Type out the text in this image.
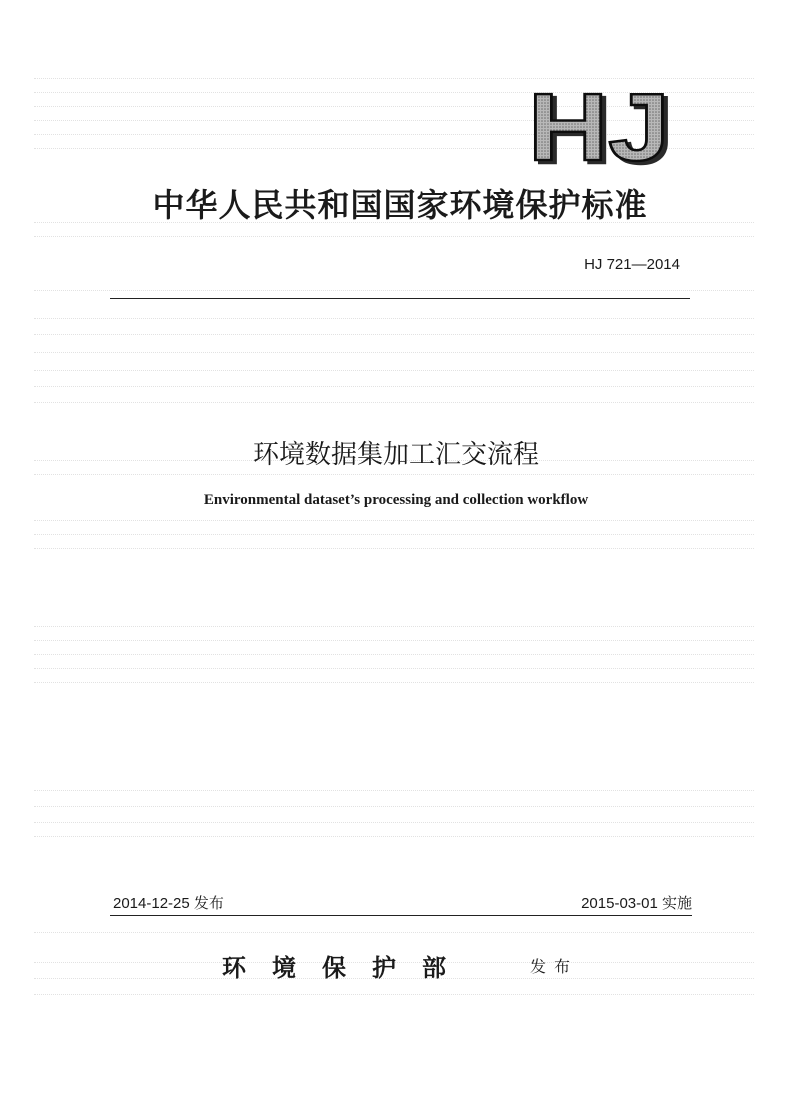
HJ
中华人民共和国国家环境保护标准
HJ 721—2014
环境数据集加工汇交流程
Environmental dataset’s processing and collection workflow
2014-12-25 发布	2015-03-01 实施
环境保护部	发布
